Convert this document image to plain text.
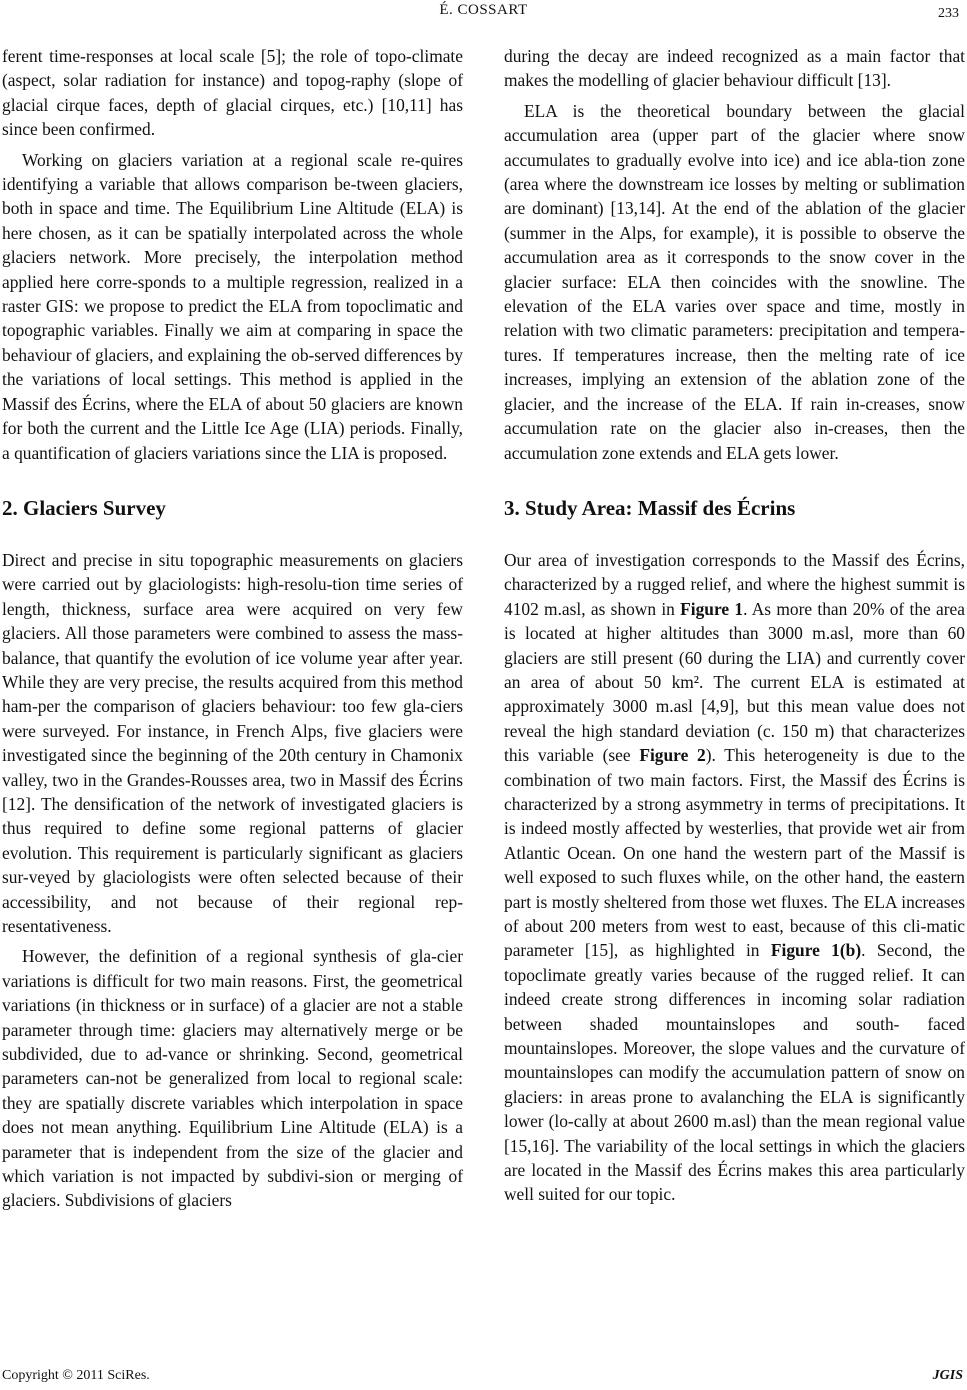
É. COSSART	233

ferent time-responses at local scale [5]; the role of topo-climate (aspect, solar radiation for instance) and topog-raphy (slope of glacial cirque faces, depth of glacial cirques, etc.) [10,11] has since been confirmed.

Working on glaciers variation at a regional scale re-quires identifying a variable that allows comparison be-tween glaciers, both in space and time. The Equilibrium Line Altitude (ELA) is here chosen, as it can be spatially interpolated across the whole glaciers network. More precisely, the interpolation method applied here corre-sponds to a multiple regression, realized in a raster GIS: we propose to predict the ELA from topoclimatic and topographic variables. Finally we aim at comparing in space the behaviour of glaciers, and explaining the ob-served differences by the variations of local settings. This method is applied in the Massif des Écrins, where the ELA of about 50 glaciers are known for both the current and the Little Ice Age (LIA) periods. Finally, a quantification of glaciers variations since the LIA is proposed.

2. Glaciers Survey

Direct and precise in situ topographic measurements on glaciers were carried out by glaciologists: high-resolu-tion time series of length, thickness, surface area were acquired on very few glaciers. All those parameters were combined to assess the mass-balance, that quantify the evolution of ice volume year after year. While they are very precise, the results acquired from this method ham-per the comparison of glaciers behaviour: too few gla-ciers were surveyed. For instance, in French Alps, five glaciers were investigated since the beginning of the 20th century in Chamonix valley, two in the Grandes-Rousses area, two in Massif des Écrins [12]. The densification of the network of investigated glaciers is thus required to define some regional patterns of glacier evolution. This requirement is particularly significant as glaciers sur-veyed by glaciologists were often selected because of their accessibility, and not because of their regional rep-resentativeness.

However, the definition of a regional synthesis of gla-cier variations is difficult for two main reasons. First, the geometrical variations (in thickness or in surface) of a glacier are not a stable parameter through time: glaciers may alternatively merge or be subdivided, due to ad-vance or shrinking. Second, geometrical parameters can-not be generalized from local to regional scale: they are spatially discrete variables which interpolation in space does not mean anything. Equilibrium Line Altitude (ELA) is a parameter that is independent from the size of the glacier and which variation is not impacted by subdivi-sion or merging of glaciers. Subdivisions of glaciers

during the decay are indeed recognized as a main factor that makes the modelling of glacier behaviour difficult [13].

ELA is the theoretical boundary between the glacial accumulation area (upper part of the glacier where snow accumulates to gradually evolve into ice) and ice abla-tion zone (area where the downstream ice losses by melting or sublimation are dominant) [13,14]. At the end of the ablation of the glacier (summer in the Alps, for example), it is possible to observe the accumulation area as it corresponds to the snow cover in the glacier surface: ELA then coincides with the snowline. The elevation of the ELA varies over space and time, mostly in relation with two climatic parameters: precipitation and tempera-tures. If temperatures increase, then the melting rate of ice increases, implying an extension of the ablation zone of the glacier, and the increase of the ELA. If rain in-creases, snow accumulation rate on the glacier also in-creases, then the accumulation zone extends and ELA gets lower.

3. Study Area: Massif des Écrins

Our area of investigation corresponds to the Massif des Écrins, characterized by a rugged relief, and where the highest summit is 4102 m.asl, as shown in Figure 1. As more than 20% of the area is located at higher altitudes than 3000 m.asl, more than 60 glaciers are still present (60 during the LIA) and currently cover an area of about 50 km². The current ELA is estimated at approximately 3000 m.asl [4,9], but this mean value does not reveal the high standard deviation (c. 150 m) that characterizes this variable (see Figure 2). This heterogeneity is due to the combination of two main factors. First, the Massif des Écrins is characterized by a strong asymmetry in terms of precipitations. It is indeed mostly affected by westerlies, that provide wet air from Atlantic Ocean. On one hand the western part of the Massif is well exposed to such fluxes while, on the other hand, the eastern part is mostly sheltered from those wet fluxes. The ELA increases of about 200 meters from west to east, because of this cli-matic parameter [15], as highlighted in Figure 1(b). Second, the topoclimate greatly varies because of the rugged relief. It can indeed create strong differences in incoming solar radiation between shaded mountainslopes and south- faced mountainslopes. Moreover, the slope values and the curvature of mountainslopes can modify the accumulation pattern of snow on glaciers: in areas prone to avalanching the ELA is significantly lower (lo-cally at about 2600 m.asl) than the mean regional value [15,16]. The variability of the local settings in which the glaciers are located in the Massif des Écrins makes this area particularly well suited for our topic.

Copyright © 2011 SciRes.	JGIS
